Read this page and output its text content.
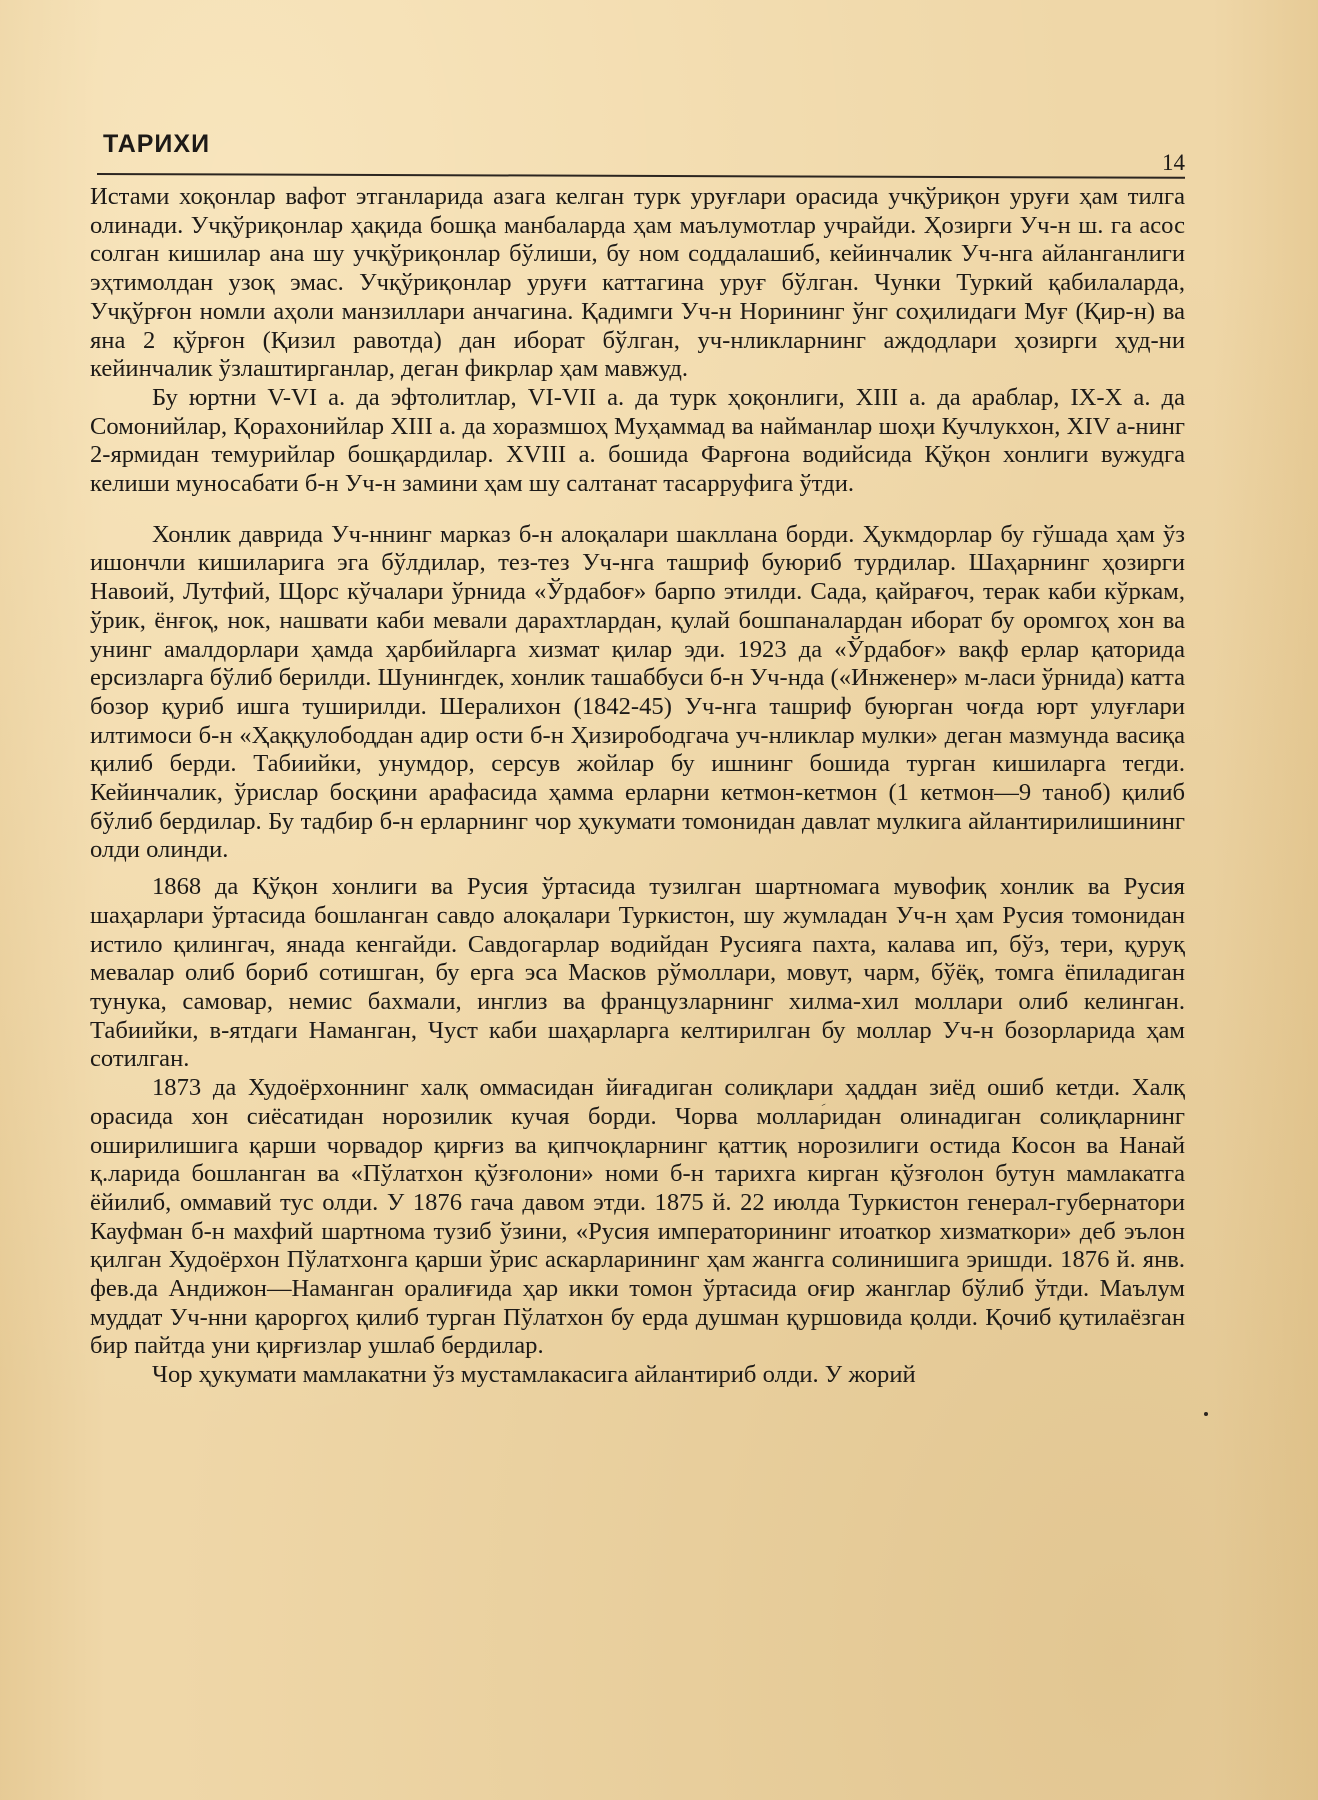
ТАРИХИ
14

Истами хоқонлар вафот этганларида азага келган турк уруғлари орасида учқўриқон уруғи ҳам тилга олинади. Учқўриқонлар ҳақида бошқа манбаларда ҳам маълумотлар учрайди. Ҳозирги Уч-н ш. га асос солган кишилар ана шу учқўриқонлар бўлиши, бу ном соддалашиб, кейинчалик Уч-нга айланганлиги эҳтимолдан узоқ эмас. Учқўриқонлар уруғи каттагина уруғ бўлган. Чунки Туркий қабилаларда, Учқўрғон номли аҳоли манзиллари анчагина. Қадимги Уч-н Норининг ўнг соҳилидаги Муғ (Қир-н) ва яна 2 қўрғон (Қизил равотда) дан иборат бўлган, уч-нликларнинг аждодлари ҳозирги ҳуд-ни кейинчалик ўзлаштирганлар, деган фикрлар ҳам мавжуд.

Бу юртни V-VI а. да эфтолитлар, VI-VII а. да турк ҳоқонлиги, XIII а. да араблар, IX-X а. да Сомонийлар, Қорахонийлар XIII а. да хоразмшоҳ Муҳаммад ва найманлар шоҳи Кучлукхон, XIV а-нинг 2-ярмидан темурийлар бошқардилар. XVIII а. бошида Фарғона водийсида Қўқон хонлиги вужудга келиши муносабати б-н Уч-н замини ҳам шу салтанат тасарруфига ўтди.

Хонлик даврида Уч-ннинг марказ б-н алоқалари шакллана борди. Ҳукмдорлар бу гўшада ҳам ўз ишончли кишиларига эга бўлдилар, тез-тез Уч-нга ташриф буюриб турдилар. Шаҳарнинг ҳозирги Навоий, Лутфий, Щорс кўчалари ўрнида «Ўрдабоғ» барпо этилди. Сада, қайрағоч, терак каби кўркам, ўрик, ёнғоқ, нок, нашвати каби мевали дарахтлардан, қулай бошпаналардан иборат бу оромгоҳ хон ва унинг амалдорлари ҳамда ҳарбийларга хизмат қилар эди. 1923 да «Ўрдабоғ» вақф ерлар қаторида ерсизларга бўлиб берилди. Шунингдек, хонлик ташаббуси б-н Уч-нда («Инженер» м-ласи ўрнида) катта бозор қуриб ишга туширилди. Шералихон (1842-45) Уч-нга ташриф буюрган чоғда юрт улуғлари илтимоси б-н «Ҳаққулободдан адир ости б-н Ҳизирободгача уч-нликлар мулки» деган мазмунда васиқа қилиб берди. Табиийки, унумдор, серсув жойлар бу ишнинг бошида турган кишиларга тегди. Кейинчалик, ўрислар босқини арафасида ҳамма ерларни кетмон-кетмон (1 кетмон—9 таноб) қилиб бўлиб бердилар. Бу тадбир б-н ерларнинг чор ҳукумати томонидан давлат мулкига айлантирилишининг олди олинди.

1868 да Қўқон хонлиги ва Русия ўртасида тузилган шартномага мувофиқ хонлик ва Русия шаҳарлари ўртасида бошланган савдо алоқалари Туркистон, шу жумладан Уч-н ҳам Русия томонидан истило қилингач, янада кенгайди. Савдогарлар водийдан Русияга пахта, калава ип, бўз, тери, қуруқ мевалар олиб бориб сотишган, бу ерга эса Масков рўмоллари, мовут, чарм, бўёқ, томга ёпиладиган тунука, самовар, немис бахмали, инглиз ва французларнинг хилма-хил моллари олиб келинган. Табиийки, в-ятдаги Наманган, Чуст каби шаҳарларга келтирилган бу моллар Уч-н бозорларида ҳам сотилган.

1873 да Худоёрхоннинг халқ оммасидан йиғадиган солиқлари ҳаддан зиёд ошиб кетди. Халқ орасида хон сиёсатидан норозилик кучая борди. Чорва моллаؘридан олинадиган солиқларнинг оширилишига қарши чорвадор қирғиз ва қипчоқларнинг қаттиқ норозилиги остида Косон ва Нанай қ.ларида бошланган ва «Пўлатхон қўзғолони» номи б-н тарихга кирган қўзғолон бутун мамлакатга ёйилиб, оммавий тус олди. У 1876 гача давом этди. 1875 й. 22 июлда Туркистон генерал-губернатори Кауфман б-н махфий шартнома тузиб ўзини, «Русия императорининг итоаткор хизматкори» деб эълон қилган Худоёрхон Пўлатхонга қарши ўрис аскарларининг ҳам жангга солинишига эришди. 1876 й. янв. фев.да Андижон—Наманган оралиғида ҳар икки томон ўртасида оғир жанглар бўлиб ўтди. Маълум муддат Уч-нни қароргоҳ қилиб турган Пўлатхон бу ерда душман қуршовида қолди. Қочиб қутилаёзган бир пайтда уни қирғизлар ушлаб бердилар.

Чор ҳукумати мамлакатни ўз мустамлакасига айлантириб олди. У жорий
